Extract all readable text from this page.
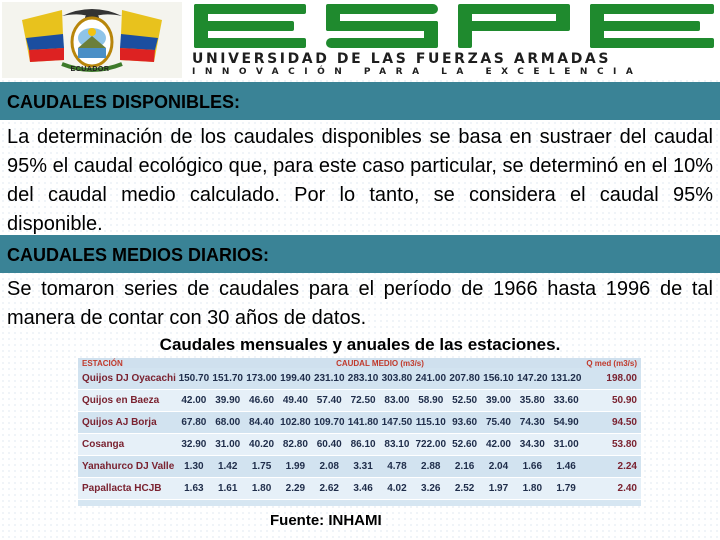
ECUADOR
ESPE
UNIVERSIDAD DE LAS FUERZAS ARMADAS
INNOVACIÓN PARA LA EXCELENCIA
CAUDALES DISPONIBLES:
La determinación de los caudales disponibles se basa en sustraer del caudal 95% el caudal ecológico que, para este caso particular, se determinó en el 10% del caudal medio calculado. Por lo tanto, se considera el caudal 95% disponible.
CAUDALES MEDIOS DIARIOS:
Se tomaron series de caudales para el período de 1966 hasta 1996 de tal manera de contar con 30 años de datos.
Caudales mensuales y anuales de las estaciones.
ESTACIÓN	CAUDAL MEDIO (m3/s)												Q med (m3/s)
Quijos DJ Oyacachi	150.70	151.70	173.00	199.40	231.10	283.10	303.80	241.00	207.80	156.10	147.20	131.20	198.00
Quijos en Baeza	42.00	39.90	46.60	49.40	57.40	72.50	83.00	58.90	52.50	39.00	35.80	33.60	50.90
Quijos AJ Borja	67.80	68.00	84.40	102.80	109.70	141.80	147.50	115.10	93.60	75.40	74.30	54.90	94.50
Cosanga	32.90	31.00	40.20	82.80	60.40	86.10	83.10	722.00	52.60	42.00	34.30	31.00	53.80
Yanahurco DJ Valle	1.30	1.42	1.75	1.99	2.08	3.31	4.78	2.88	2.16	2.04	1.66	1.46	2.24
Papallacta HCJB	1.63	1.61	1.80	2.29	2.62	3.46	4.02	3.26	2.52	1.97	1.80	1.79	2.40
Fuente: INHAMI
